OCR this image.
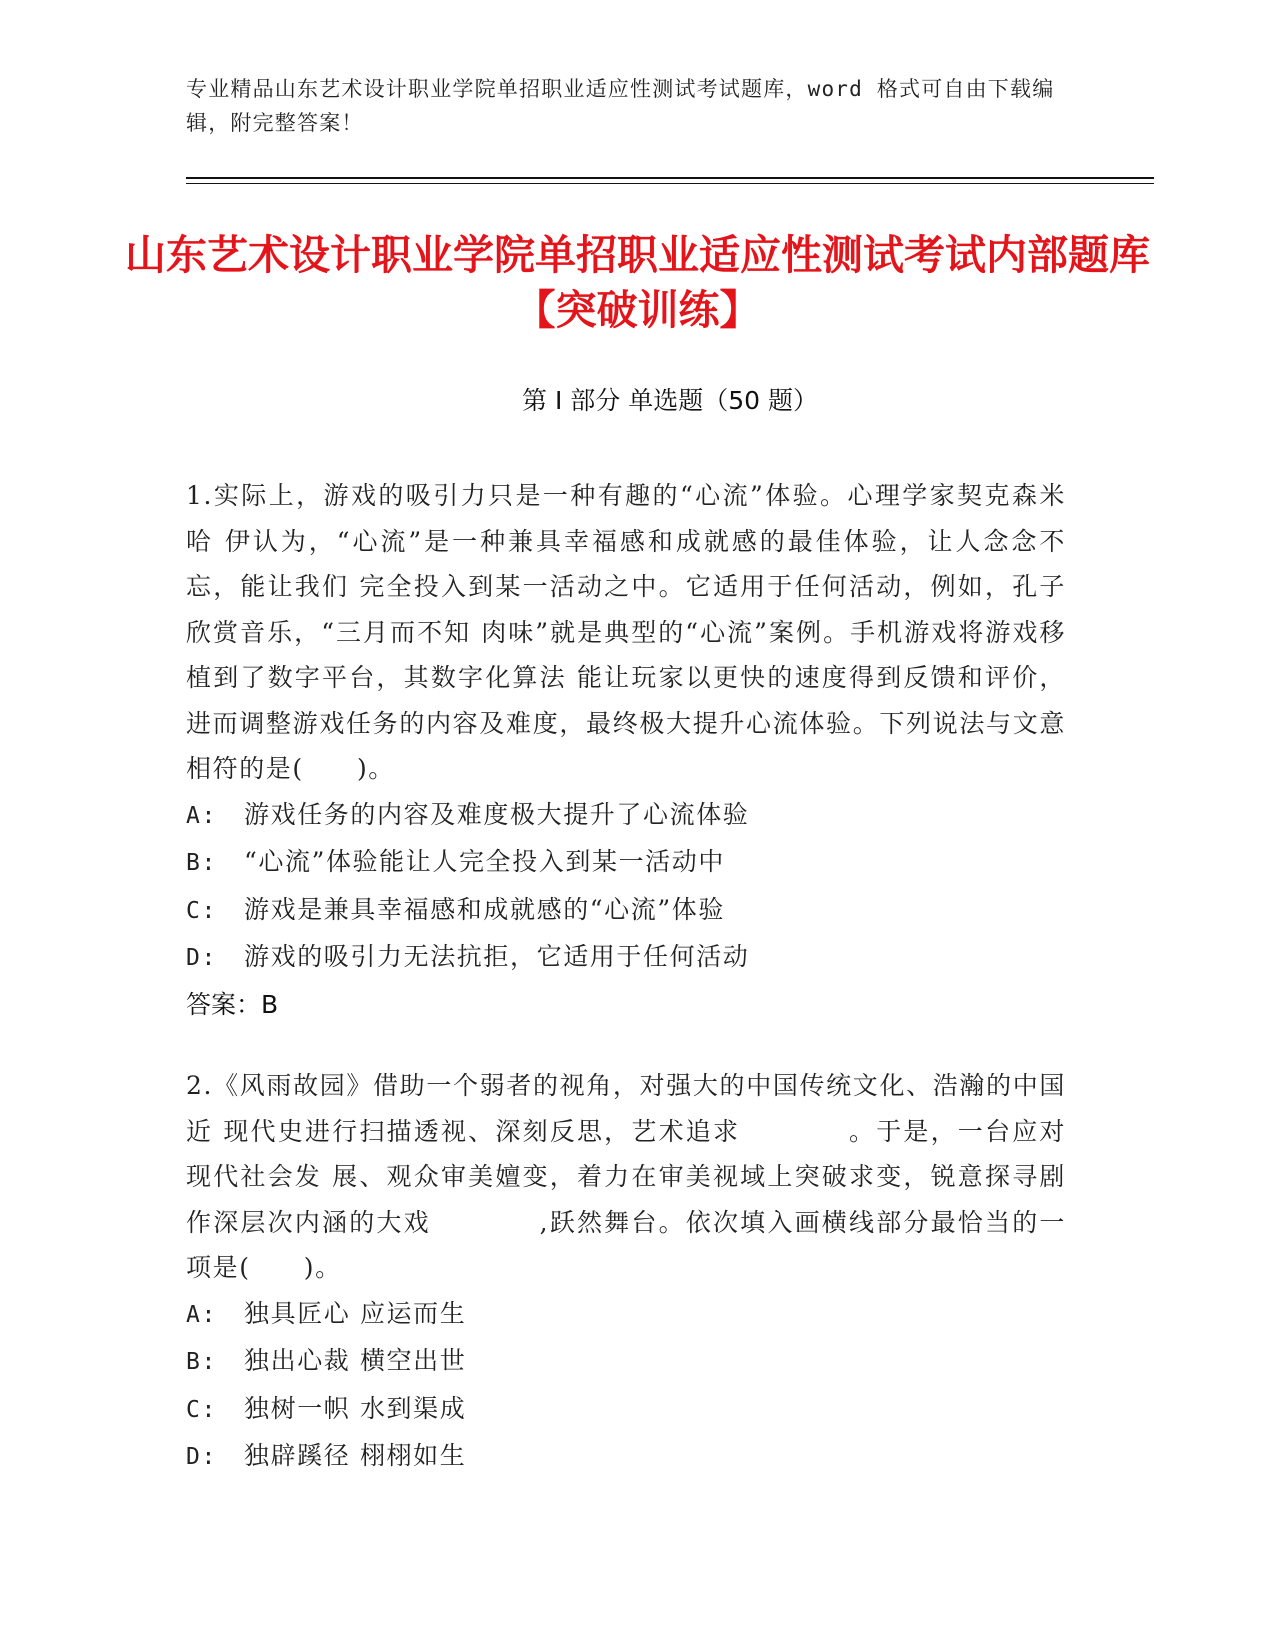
专业精品山东艺术设计职业学院单招职业适应性测试考试题库，word 格式可自由下载编辑，附完整答案！
山东艺术设计职业学院单招职业适应性测试考试内部题库【突破训练】
第 I 部分 单选题（50 题）

1.实际上，游戏的吸引力只是一种有趣的“心流”体验。心理学家契克森米哈 伊认为，“心流”是一种兼具幸福感和成就感的最佳体验，让人念念不忘，能让我们 完全投入到某一活动之中。它适用于任何活动，例如，孔子欣赏音乐，“三月而不知 肉味”就是典型的“心流”案例。手机游戏将游戏移植到了数字平台，其数字化算法 能让玩家以更快的速度得到反馈和评价，进而调整游戏任务的内容及难度，最终极大提升心流体验。下列说法与文意相符的是(　　)。

A: 游戏任务的内容及难度极大提升了心流体验

B: “心流”体验能让人完全投入到某一活动中

C: 游戏是兼具幸福感和成就感的“心流”体验

D: 游戏的吸引力无法抗拒，它适用于任何活动

答案：B

2.《风雨故园》借助一个弱者的视角，对强大的中国传统文化、浩瀚的中国近 现代史进行扫描透视、深刻反思，艺术追求　　　　。于是，一台应对现代社会发 展、观众审美嬗变，着力在审美视域上突破求变，锐意探寻剧作深层次内涵的大戏　　　　,跃然舞台。依次填入画横线部分最恰当的一项是(　　)。

A: 独具匠心 应运而生

B: 独出心裁 横空出世

C: 独树一帜 水到渠成

D: 独辟蹊径 栩栩如生
